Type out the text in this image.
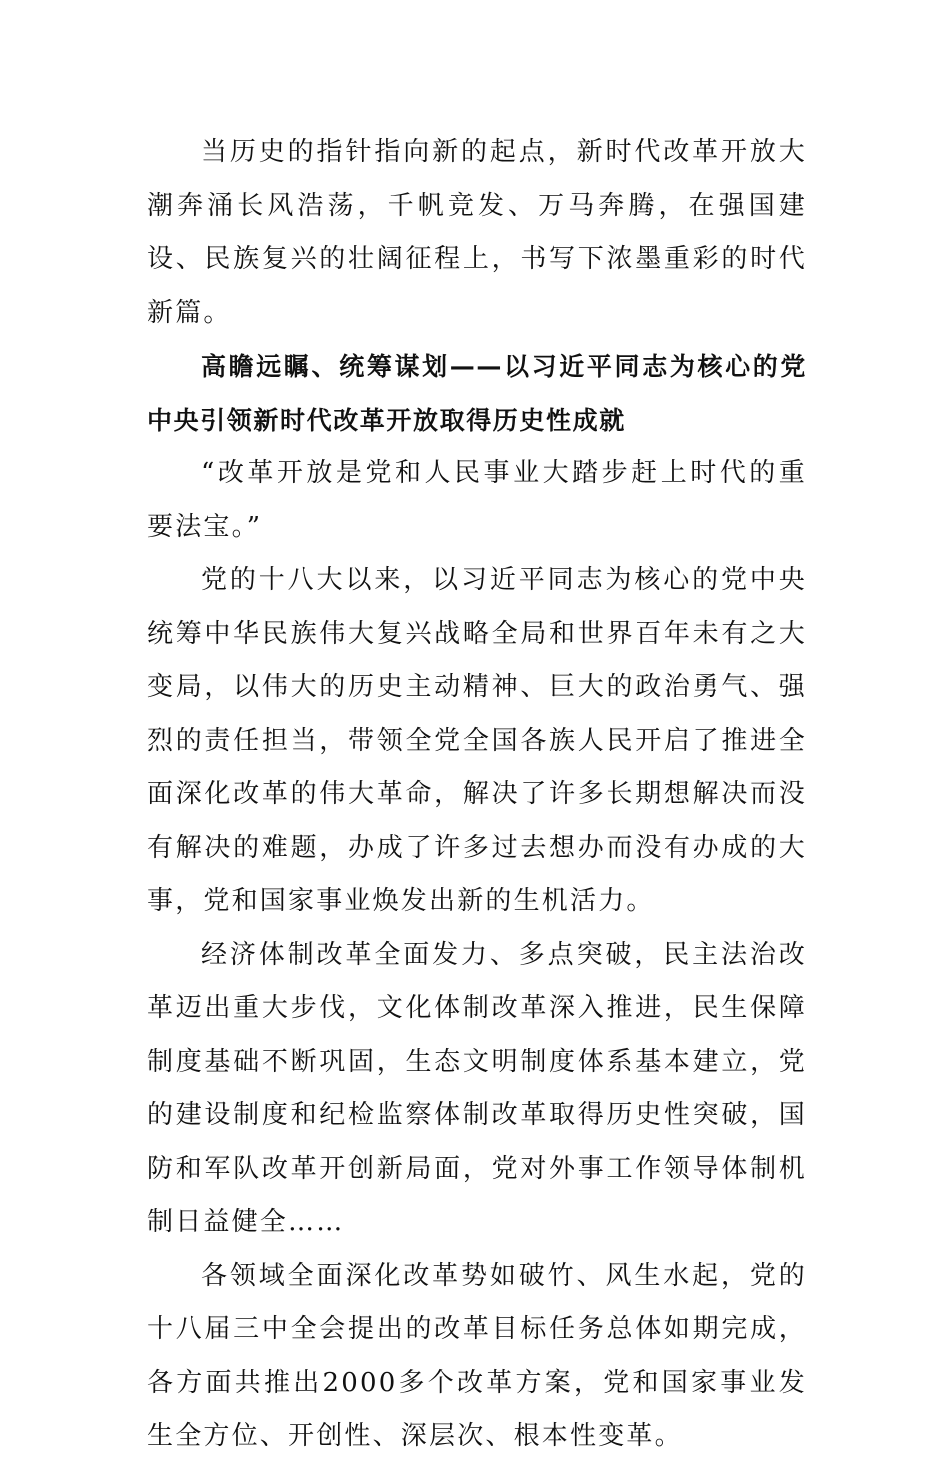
当历史的指针指向新的起点，新时代改革开放大潮奔涌长风浩荡，千帆竞发、万马奔腾，在强国建设、民族复兴的壮阔征程上，书写下浓墨重彩的时代新篇。

高瞻远瞩、统筹谋划——以习近平同志为核心的党中央引领新时代改革开放取得历史性成就

“改革开放是党和人民事业大踏步赶上时代的重要法宝。”

党的十八大以来，以习近平同志为核心的党中央统筹中华民族伟大复兴战略全局和世界百年未有之大变局，以伟大的历史主动精神、巨大的政治勇气、强烈的责任担当，带领全党全国各族人民开启了推进全面深化改革的伟大革命，解决了许多长期想解决而没有解决的难题，办成了许多过去想办而没有办成的大事，党和国家事业焕发出新的生机活力。

经济体制改革全面发力、多点突破，民主法治改革迈出重大步伐，文化体制改革深入推进，民生保障制度基础不断巩固，生态文明制度体系基本建立，党的建设制度和纪检监察体制改革取得历史性突破，国防和军队改革开创新局面，党对外事工作领导体制机制日益健全……

各领域全面深化改革势如破竹、风生水起，党的十八届三中全会提出的改革目标任务总体如期完成，各方面共推出2000多个改革方案，党和国家事业发生全方位、开创性、深层次、根本性变革。
